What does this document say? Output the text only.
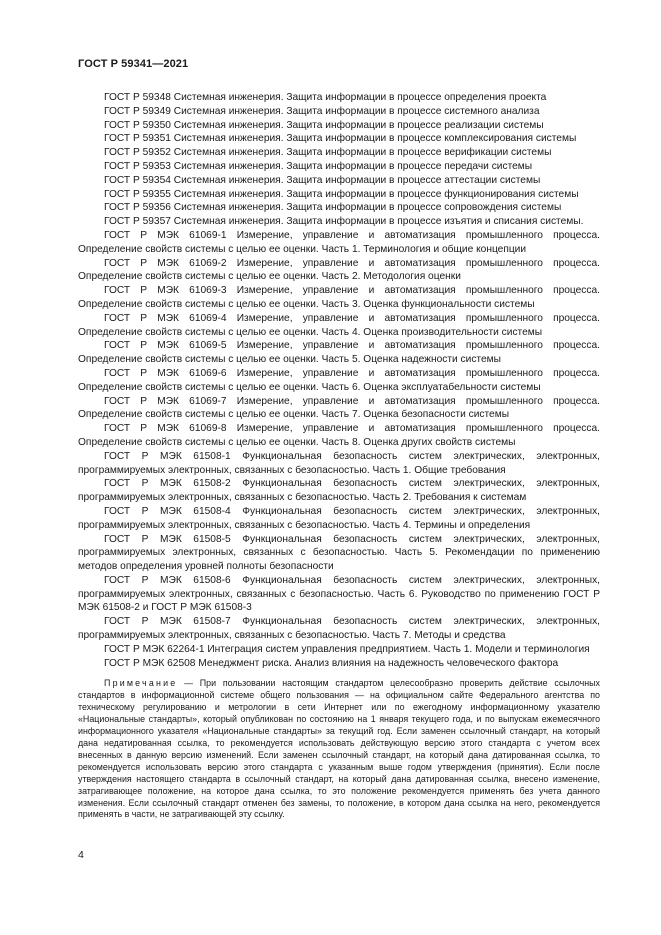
ГОСТ Р 59341—2021

ГОСТ Р 59348 Системная инженерия. Защита информации в процессе определения проекта

ГОСТ Р 59349 Системная инженерия. Защита информации в процессе системного анализа

ГОСТ Р 59350 Системная инженерия. Защита информации в процессе реализации системы

ГОСТ Р 59351 Системная инженерия. Защита информации в процессе комплексирования системы

ГОСТ Р 59352 Системная инженерия. Защита информации в процессе верификации системы

ГОСТ Р 59353 Системная инженерия. Защита информации в процессе передачи системы

ГОСТ Р 59354 Системная инженерия. Защита информации в процессе аттестации системы

ГОСТ Р 59355 Системная инженерия. Защита информации в процессе функционирования системы

ГОСТ Р 59356 Системная инженерия. Защита информации в процессе сопровождения системы

ГОСТ Р 59357 Системная инженерия. Защита информации в процессе изъятия и списания системы.

ГОСТ Р МЭК 61069-1 Измерение, управление и автоматизация промышленного процесса. Определение свойств системы с целью ее оценки. Часть 1. Терминология и общие концепции

ГОСТ Р МЭК 61069-2 Измерение, управление и автоматизация промышленного процесса. Определение свойств системы с целью ее оценки. Часть 2. Методология оценки

ГОСТ Р МЭК 61069-3 Измерение, управление и автоматизация промышленного процесса. Определение свойств системы с целью ее оценки. Часть 3. Оценка функциональности системы

ГОСТ Р МЭК 61069-4 Измерение, управление и автоматизация промышленного процесса. Определение свойств системы с целью ее оценки. Часть 4. Оценка производительности системы

ГОСТ Р МЭК 61069-5 Измерение, управление и автоматизация промышленного процесса. Определение свойств системы с целью ее оценки. Часть 5. Оценка надежности системы

ГОСТ Р МЭК 61069-6 Измерение, управление и автоматизация промышленного процесса. Определение свойств системы с целью ее оценки. Часть 6. Оценка эксплуатабельности системы

ГОСТ Р МЭК 61069-7 Измерение, управление и автоматизация промышленного процесса. Определение свойств системы с целью ее оценки. Часть 7. Оценка безопасности системы

ГОСТ Р МЭК 61069-8 Измерение, управление и автоматизация промышленного процесса. Определение свойств системы с целью ее оценки. Часть 8. Оценка других свойств системы

ГОСТ Р МЭК 61508-1 Функциональная безопасность систем электрических, электронных, программируемых электронных, связанных с безопасностью. Часть 1. Общие требования

ГОСТ Р МЭК 61508-2 Функциональная безопасность систем электрических, электронных, программируемых электронных, связанных с безопасностью. Часть 2. Требования к системам

ГОСТ Р МЭК 61508-4 Функциональная безопасность систем электрических, электронных, программируемых электронных, связанных с безопасностью. Часть 4. Термины и определения

ГОСТ Р МЭК 61508-5 Функциональная безопасность систем электрических, электронных, программируемых электронных, связанных с безопасностью. Часть 5. Рекомендации по применению методов определения уровней полноты безопасности

ГОСТ Р МЭК 61508-6 Функциональная безопасность систем электрических, электронных, программируемых электронных, связанных с безопасностью. Часть 6. Руководство по применению ГОСТ Р МЭК 61508-2 и ГОСТ Р МЭК 61508-3

ГОСТ Р МЭК 61508-7 Функциональная безопасность систем электрических, электронных, программируемых электронных, связанных с безопасностью. Часть 7. Методы и средства

ГОСТ Р МЭК 62264-1 Интеграция систем управления предприятием. Часть 1. Модели и терминология

ГОСТ Р МЭК 62508 Менеджмент риска. Анализ влияния на надежность человеческого фактора

Примечание — При пользовании настоящим стандартом целесообразно проверить действие ссылочных стандартов в информационной системе общего пользования — на официальном сайте Федерального агентства по техническому регулированию и метрологии в сети Интернет или по ежегодному информационному указателю «Национальные стандарты», который опубликован по состоянию на 1 января текущего года, и по выпускам ежемесячного информационного указателя «Национальные стандарты» за текущий год. Если заменен ссылочный стандарт, на который дана недатированная ссылка, то рекомендуется использовать действующую версию этого стандарта с учетом всех внесенных в данную версию изменений. Если заменен ссылочный стандарт, на который дана датированная ссылка, то рекомендуется использовать версию этого стандарта с указанным выше годом утверждения (принятия). Если после утверждения настоящего стандарта в ссылочный стандарт, на который дана датированная ссылка, внесено изменение, затрагивающее положение, на которое дана ссылка, то это положение рекомендуется применять без учета данного изменения. Если ссылочный стандарт отменен без замены, то положение, в котором дана ссылка на него, рекомендуется применять в части, не затрагивающей эту ссылку.

4
